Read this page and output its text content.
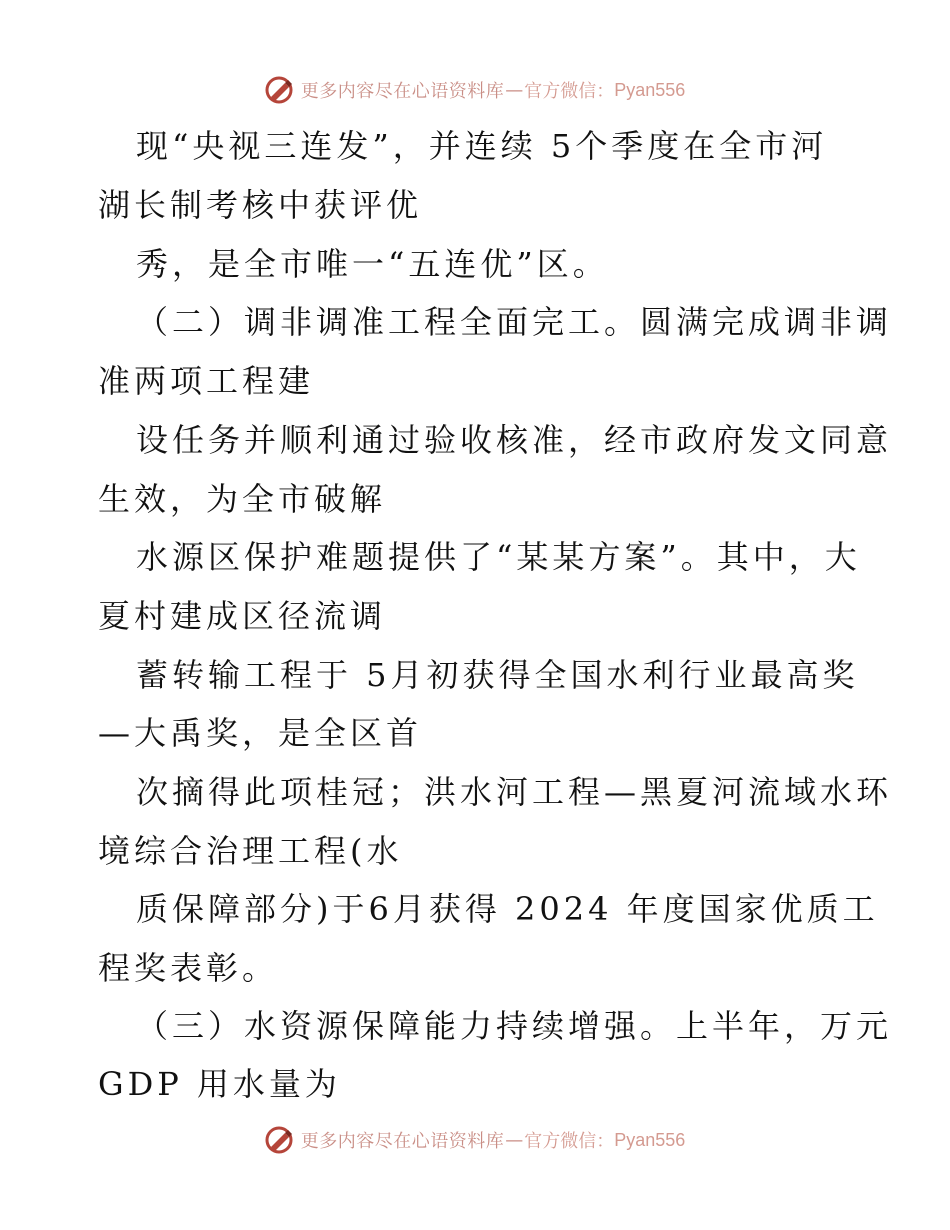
更多内容尽在心语资料库 — 官方微信： Pyan556
现“央视三连发”，并连续 5个季度在全市河
湖长制考核中获评优
秀，是全市唯一“五连优”区。
（二）调非调准工程全面完工。圆满完成调非调
准两项工程建
设任务并顺利通过验收核准，经市政府发文同意
生效，为全市破解
水源区保护难题提供了“某某方案”。其中，大
夏村建成区径流调
蓄转输工程于 5月初获得全国水利行业最高奖
—大禹奖，是全区首
次摘得此项桂冠；洪水河工程—黑夏河流域水环
境综合治理工程(水
质保障部分)于6月获得 2024 年度国家优质工
程奖表彰。
（三）水资源保障能力持续增强。上半年，万元
GDP 用水量为
更多内容尽在心语资料库 — 官方微信： Pyan556
